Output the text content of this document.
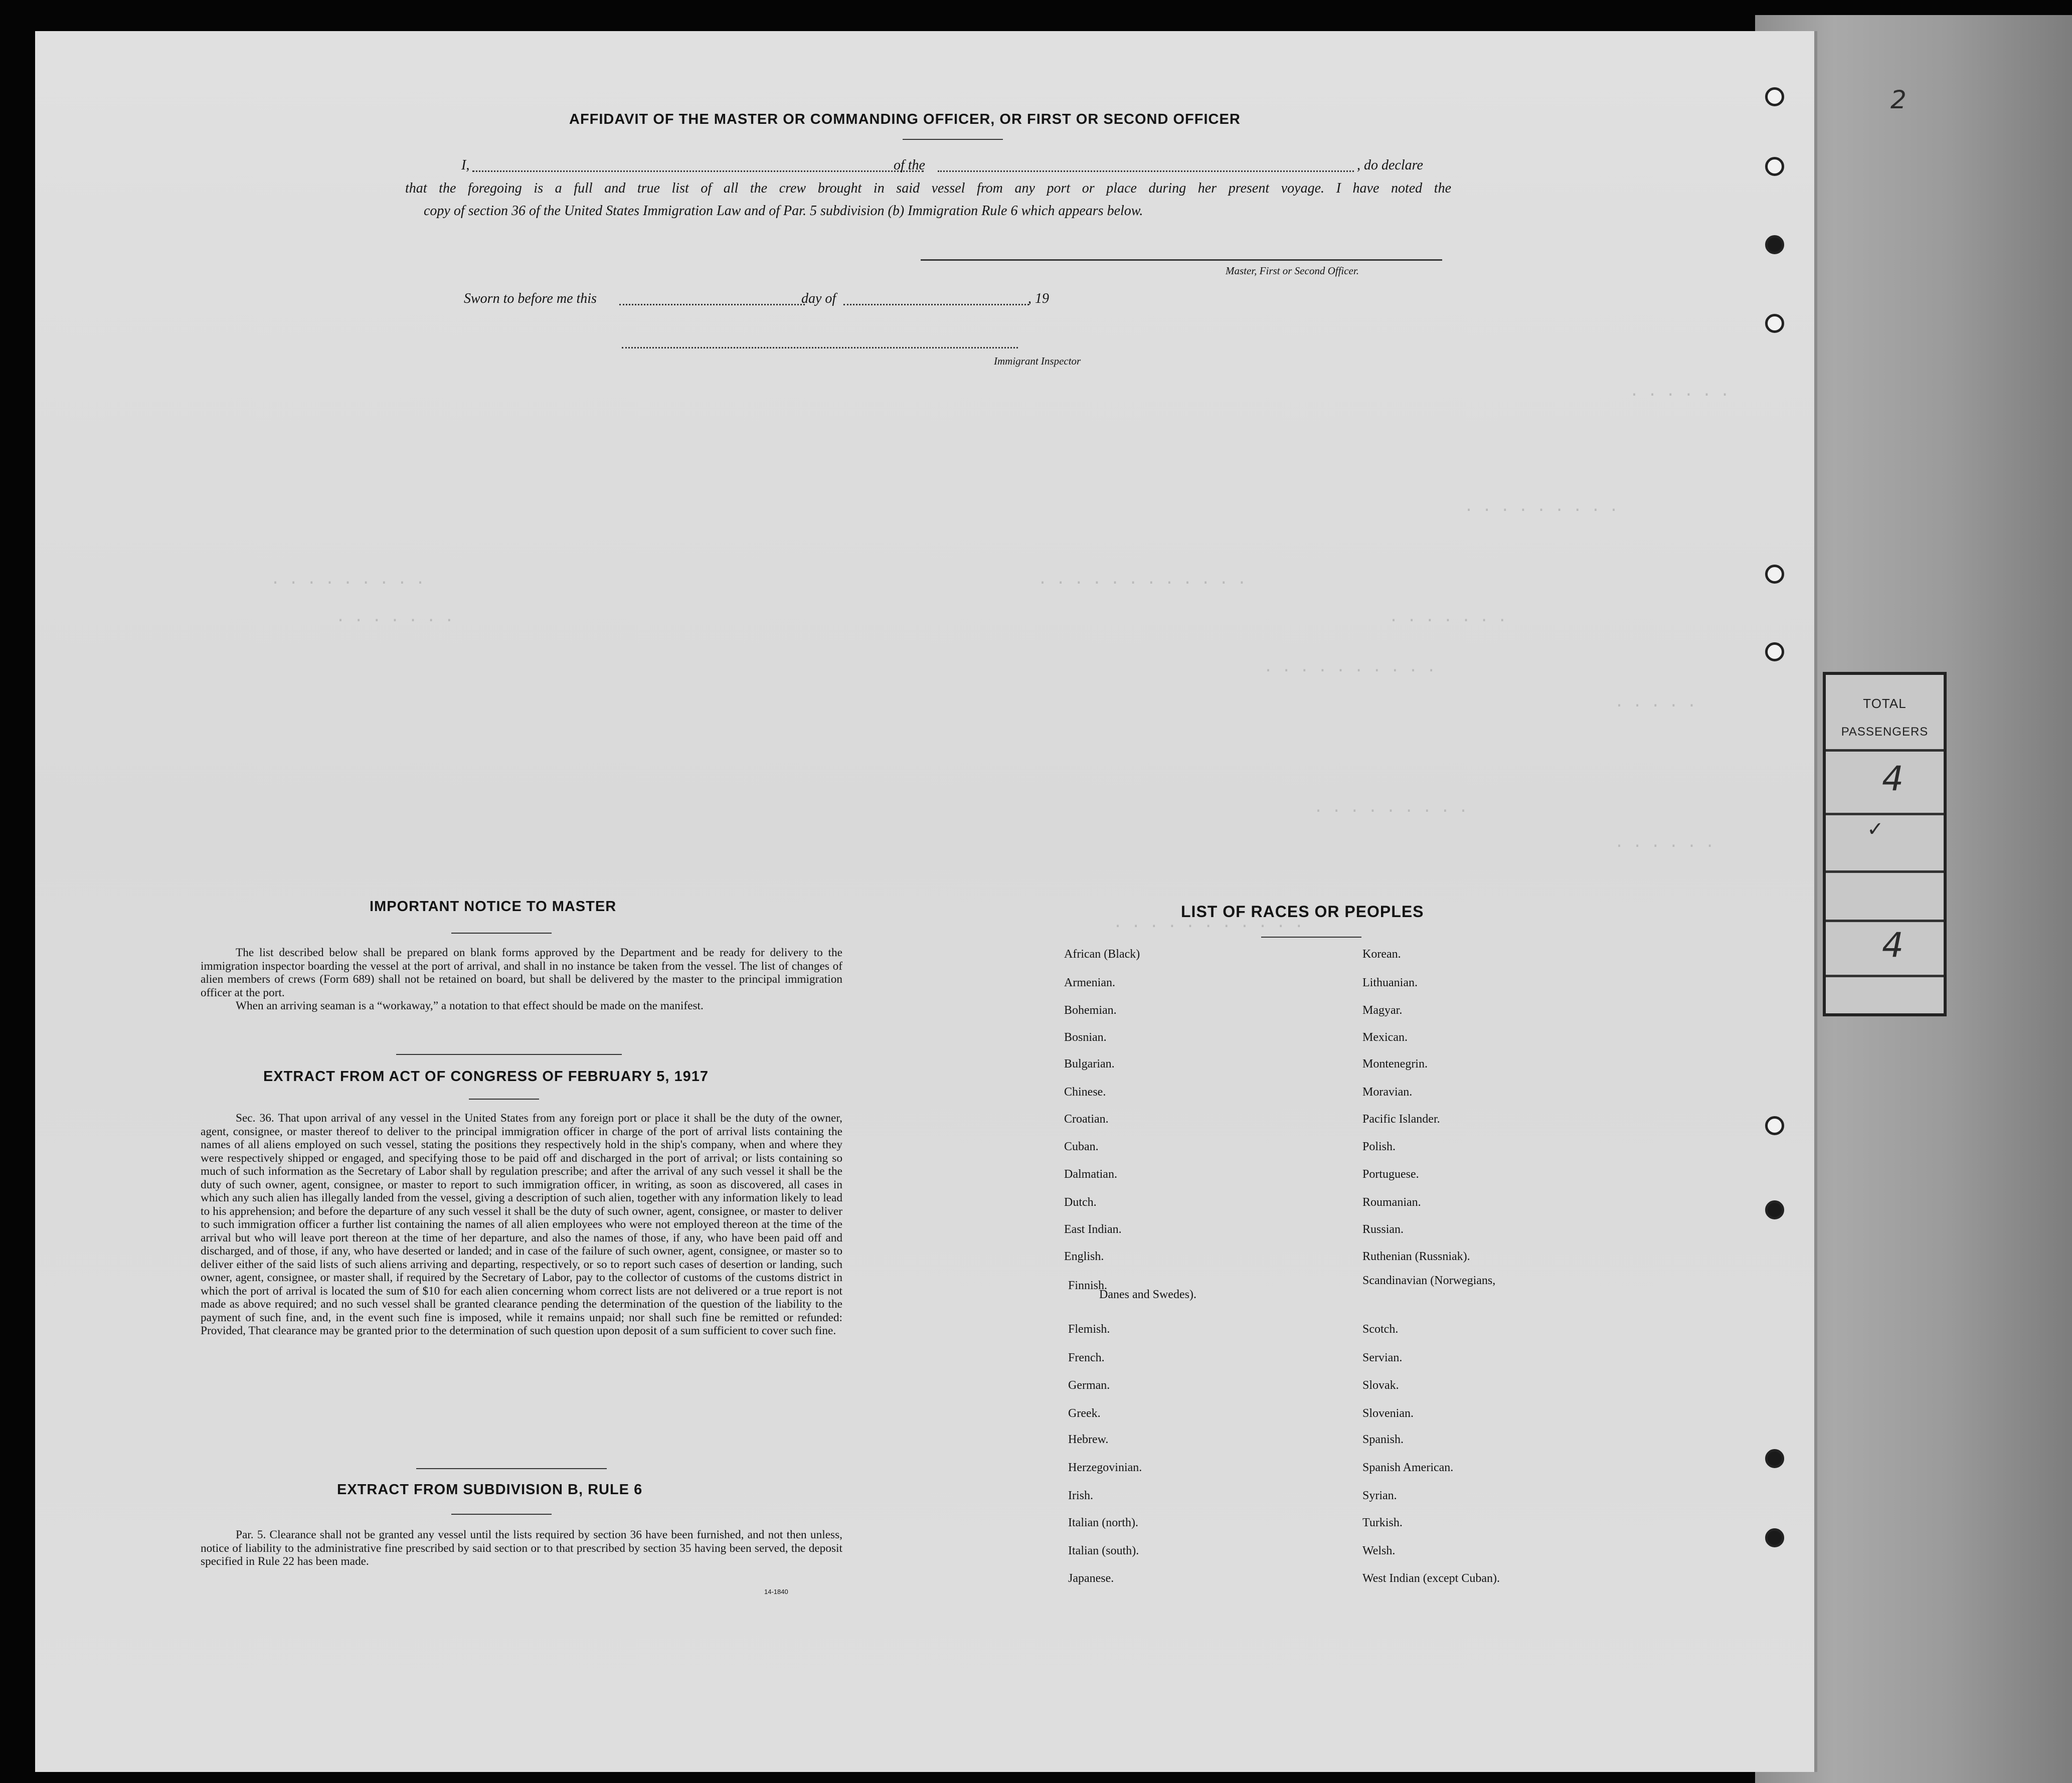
2
TOTAL
PASSENGERS
4
✓
4
. . . . . .
. . . . . . . . .
. . . . . . . . .	. . . . . . . . . . . .
. . . . . . .	. . . . . . .
. . . . . . . . . .
. . . . .
. . . . . . . . .
. . . . . .
. . . . . . . . . . .
AFFIDAVIT OF THE MASTER OR COMMANDING OFFICER, OR FIRST OR SECOND OFFICER
I,	of the	, do declare
that the foregoing is a full and true list of all the crew brought in said vessel from any port or place during her present voyage. I have noted the
copy of section 36 of the United States Immigration Law and of Par. 5 subdivision (b) Immigration Rule 6 which appears below.
Master, First or Second Officer.
Sworn to before me this	day of	, 19
Immigrant Inspector
IMPORTANT NOTICE TO MASTER

The list described below shall be prepared on blank forms approved by the Department and be ready for delivery to the immigration inspector boarding the vessel at the port of arrival, and shall in no instance be taken from the vessel. The list of changes of alien members of crews (Form 689) shall not be retained on board, but shall be delivered by the master to the principal immigration officer at the port.

When an arriving seaman is a “workaway,” a notation to that effect should be made on the manifest.

EXTRACT FROM ACT OF CONGRESS OF FEBRUARY 5, 1917

Sec. 36. That upon arrival of any vessel in the United States from any foreign port or place it shall be the duty of the owner, agent, consignee, or master thereof to deliver to the principal immigration officer in charge of the port of arrival lists containing the names of all aliens employed on such vessel, stating the positions they respectively hold in the ship's company, when and where they were respectively shipped or engaged, and specifying those to be paid off and discharged in the port of arrival; or lists containing so much of such information as the Secretary of Labor shall by regulation prescribe; and after the arrival of any such vessel it shall be the duty of such owner, agent, consignee, or master to report to such immigration officer, in writing, as soon as discovered, all cases in which any such alien has illegally landed from the vessel, giving a description of such alien, together with any information likely to lead to his apprehension; and before the departure of any such vessel it shall be the duty of such owner, agent, consignee, or master to deliver to such immigration officer a further list containing the names of all alien employees who were not employed thereon at the time of the arrival but who will leave port thereon at the time of her departure, and also the names of those, if any, who have been paid off and discharged, and of those, if any, who have deserted or landed; and in case of the failure of such owner, agent, consignee, or master so to deliver either of the said lists of such aliens arriving and departing, respectively, or so to report such cases of desertion or landing, such owner, agent, consignee, or master shall, if required by the Secretary of Labor, pay to the collector of customs of the customs district in which the port of arrival is located the sum of $10 for each alien concerning whom correct lists are not delivered or a true report is not made as above required; and no such vessel shall be granted clearance pending the determination of the question of the liability to the payment of such fine, and, in the event such fine is imposed, while it remains unpaid; nor shall such fine be remitted or refunded: Provided, That clearance may be granted prior to the determination of such question upon deposit of a sum sufficient to cover such fine.

EXTRACT FROM SUBDIVISION B, RULE 6

Par. 5. Clearance shall not be granted any vessel until the lists required by section 36 have been furnished, and not then unless, notice of liability to the administrative fine prescribed by said section or to that prescribed by section 35 having been served, the deposit specified in Rule 22 has been made.

14-1840
LIST OF RACES OR PEOPLES
African (Black)
Armenian.
Bohemian.
Bosnian.
Bulgarian.
Chinese.
Croatian.
Cuban.
Dalmatian.
Dutch.
East Indian.
English.
Finnish.
Flemish.
French.
German.
Greek.
Hebrew.
Herzegovinian.
Irish.
Italian (north).
Italian (south).
Japanese.
Korean.
Lithuanian.
Magyar.
Mexican.
Montenegrin.
Moravian.
Pacific Islander.
Polish.
Portuguese.
Roumanian.
Russian.
Ruthenian (Russniak).
Scandinavian (Norwegians,
Danes and Swedes).
Scotch.
Servian.
Slovak.
Slovenian.
Spanish.
Spanish American.
Syrian.
Turkish.
Welsh.
West Indian (except Cuban).
